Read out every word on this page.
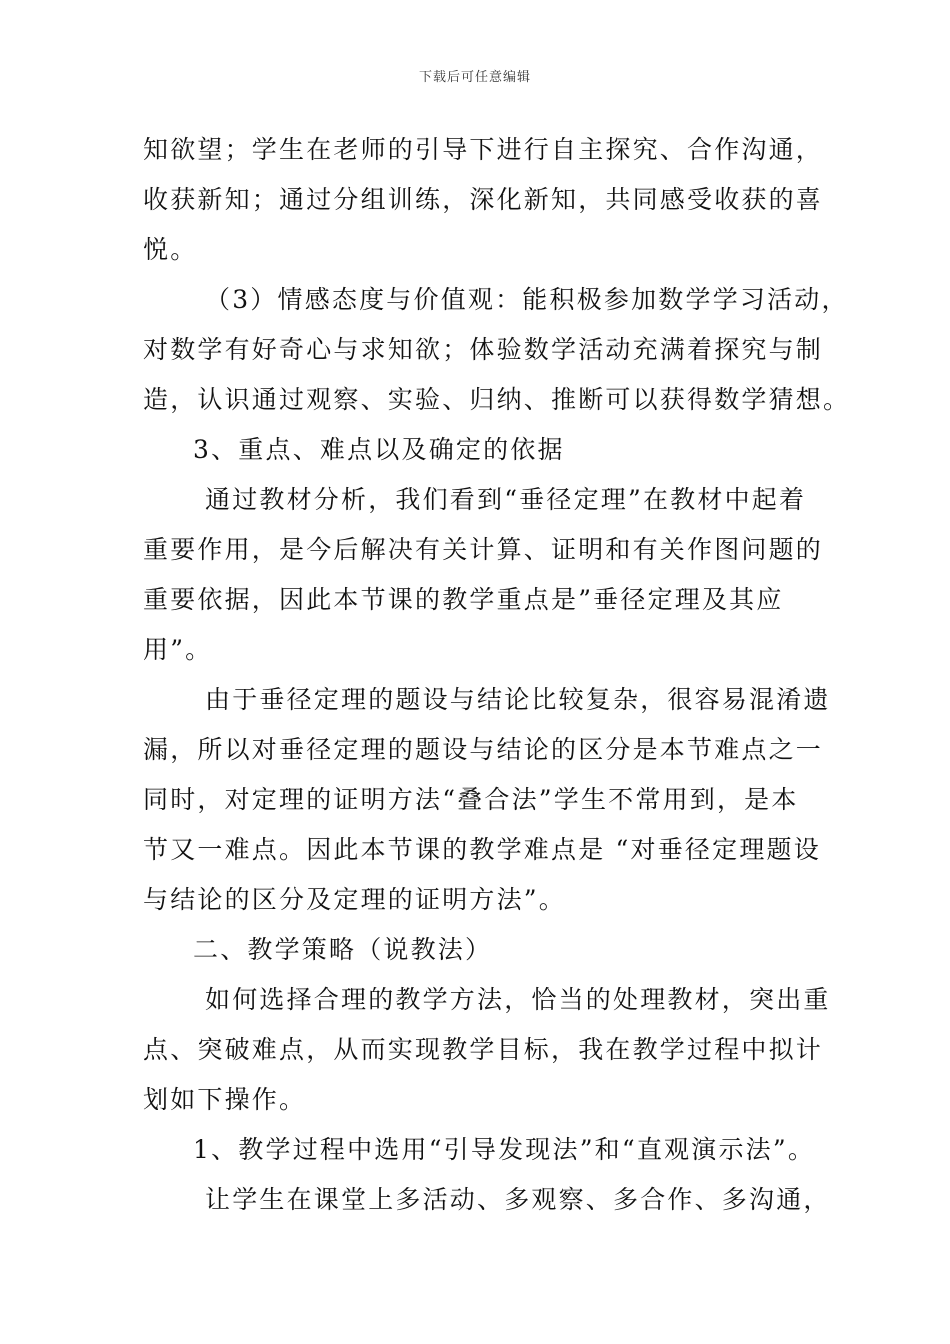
下载后可任意编辑
知欲望；学生在老师的引导下进行自主探究、合作沟通，
收获新知；通过分组训练，深化新知，共同感受收获的喜
悦。
（3）情感态度与价值观：能积极参加数学学习活动，
对数学有好奇心与求知欲；体验数学活动充满着探究与制
造，认识通过观察、实验、归纳、推断可以获得数学猜想。
3、重点、难点以及确定的依据
通过教材分析，我们看到“垂径定理”在教材中起着
重要作用，是今后解决有关计算、证明和有关作图问题的
重要依据，因此本节课的教学重点是”垂径定理及其应
用”。
由于垂径定理的题设与结论比较复杂，很容易混淆遗
漏，所以对垂径定理的题设与结论的区分是本节难点之一
同时，对定理的证明方法“叠合法”学生不常用到，是本
节又一难点。因此本节课的教学难点是 “对垂径定理题设
与结论的区分及定理的证明方法”。
二、教学策略（说教法）
如何选择合理的教学方法，恰当的处理教材，突出重
点、突破难点，从而实现教学目标，我在教学过程中拟计
划如下操作。
1、教学过程中选用“引导发现法”和“直观演示法”。
让学生在课堂上多活动、多观察、多合作、多沟通，
